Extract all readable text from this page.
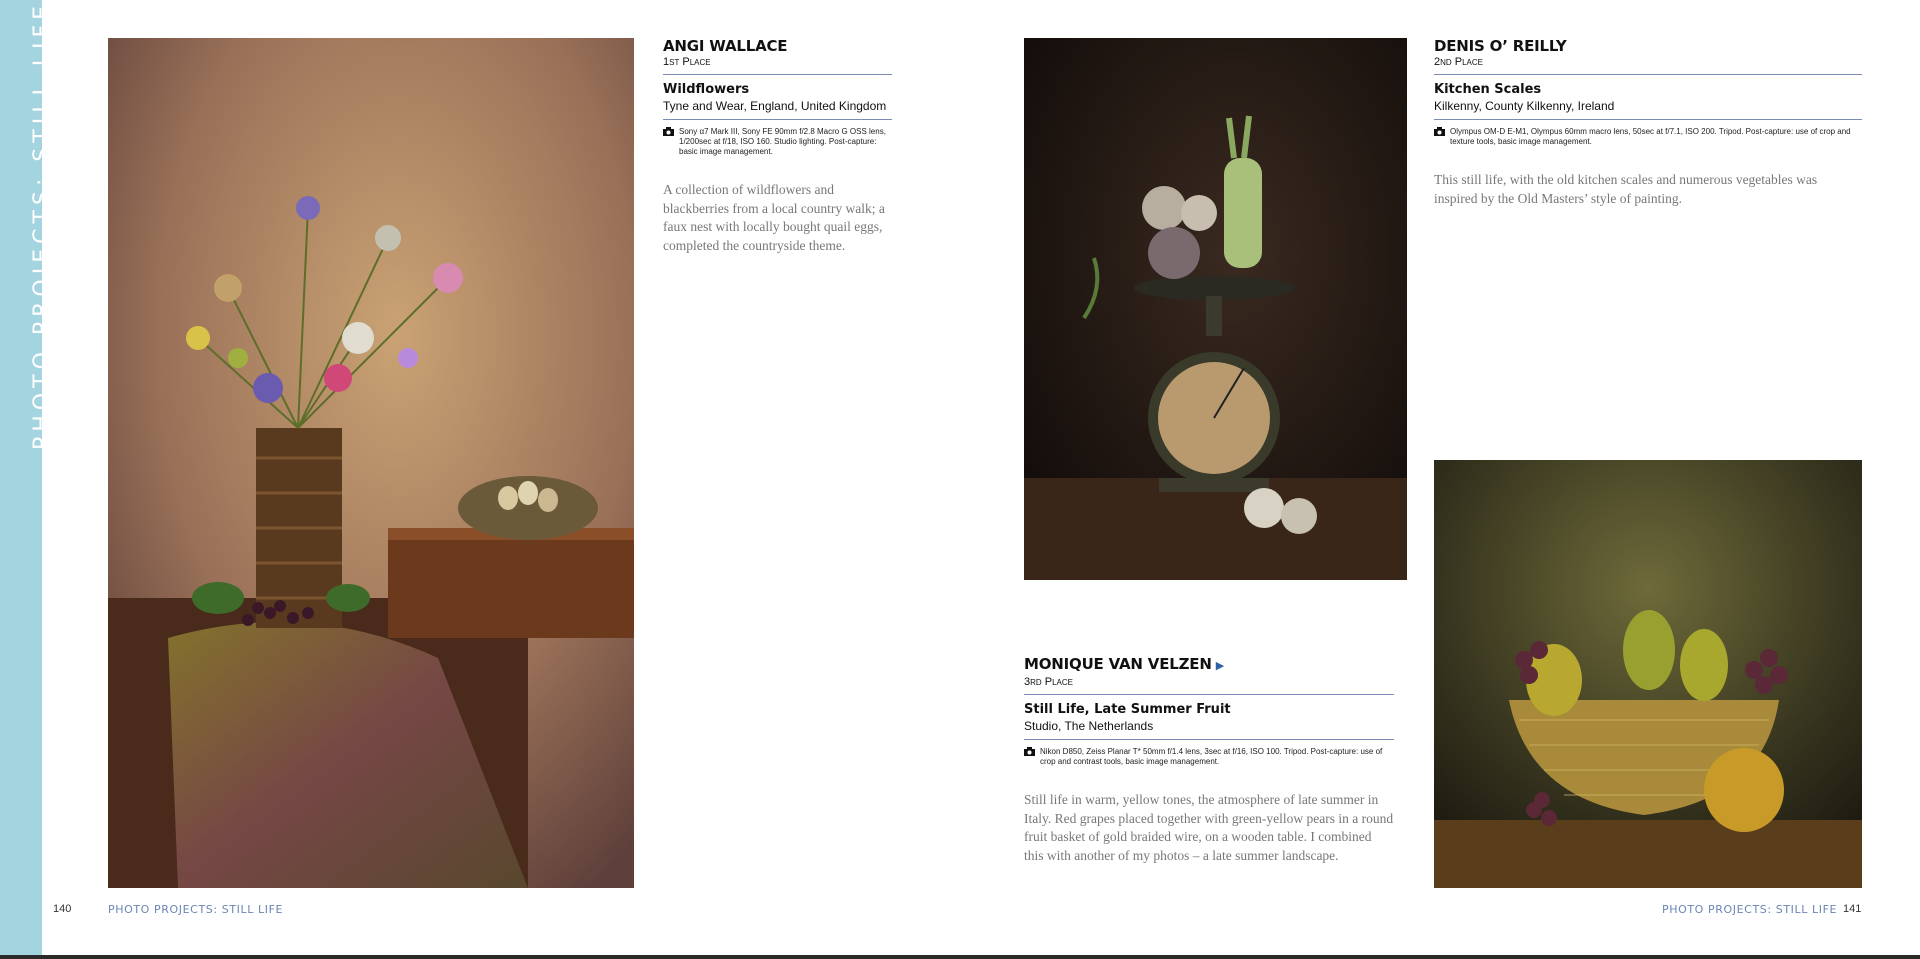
PHOTO PROJECTS: STILL LIFE	ANGI WALLACE
1st Place
Wildflowers
Tyne and Wear, England, United Kingdom
Sony α7 Mark III, Sony FE 90mm f/2.8 Macro G OSS lens, 1/200sec at f/18, ISO 160. Studio lighting. Post-capture: basic image management.
A collection of wildflowers and blackberries from a local country walk; a faux nest with locally bought quail eggs, completed the countryside theme.
DENIS O’ REILLY
2nd Place
Kitchen Scales
Kilkenny, County Kilkenny, Ireland
Olympus OM-D E-M1, Olympus 60mm macro lens, 50sec at f/7.1, ISO 200. Tripod. Post-capture: use of crop and texture tools, basic image management.
This still life, with the old kitchen scales and numerous vegetables was inspired by the Old Masters’ style of painting.
MONIQUE VAN VELZEN ▶
3rd Place
Still Life, Late Summer Fruit
Studio, The Netherlands
Nikon D850, Zeiss Planar T* 50mm f/1.4 lens, 3sec at f/16, ISO 100. Tripod. Post-capture: use of crop and contrast tools, basic image management.
Still life in warm, yellow tones, the atmosphere of late summer in Italy. Red grapes placed together with green-yellow pears in a round fruit basket of gold braided wire, on a wooden table. I combined this with another of my photos – a late summer landscape.
140	PHOTO PROJECTS: STILL LIFE	PHOTO PROJECTS: STILL LIFE 141
